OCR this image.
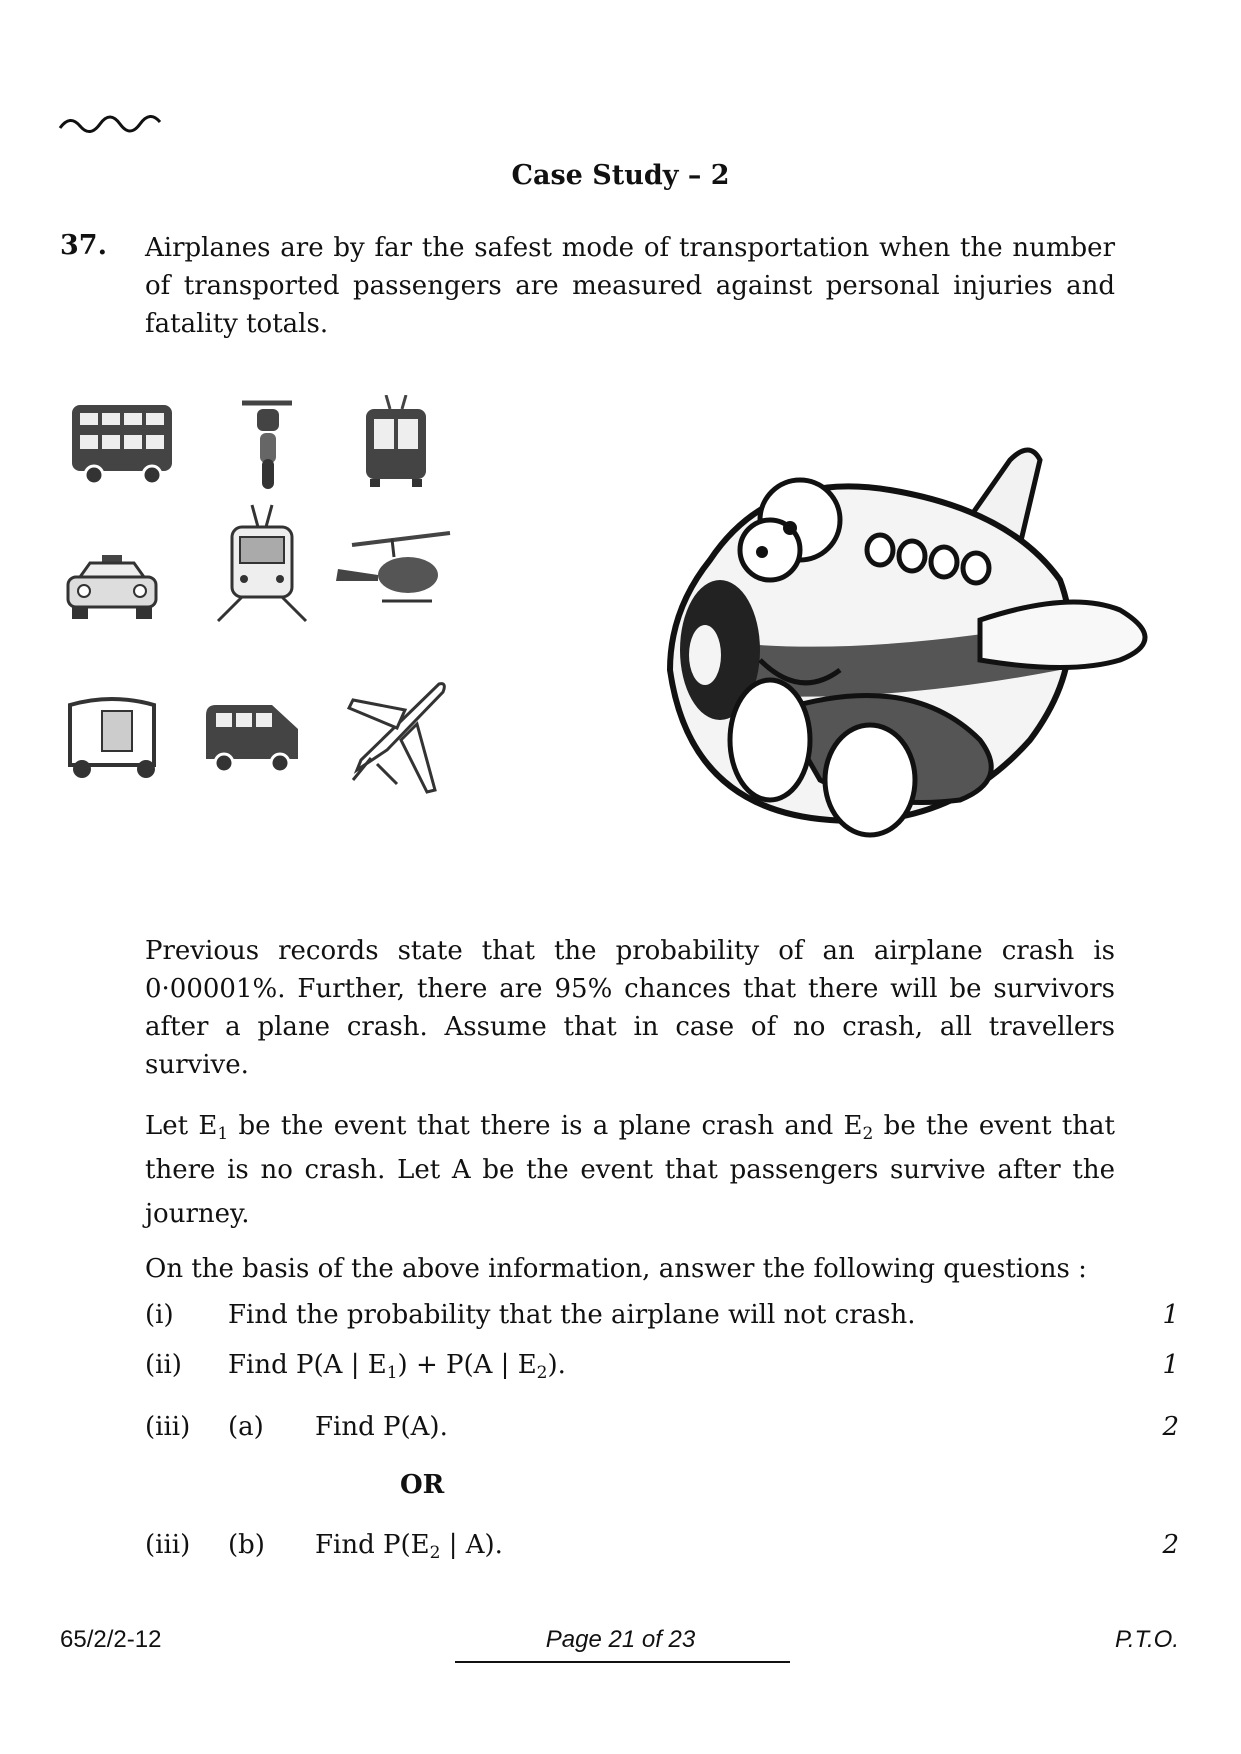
Case Study – 2
37. Airplanes are by far the safest mode of transportation when the number of transported passengers are measured against personal injuries and fatality totals.
Previous records state that the probability of an airplane crash is 0·00001%. Further, there are 95% chances that there will be survivors after a plane crash. Assume that in case of no crash, all travellers survive.
Let $E_1$ be the event that there is a plane crash and $E_2$ be the event that there is no crash. Let A be the event that passengers survive after the journey.
On the basis of the above information, answer the following questions :
(i) Find the probability that the airplane will not crash.	1
(ii) Find P(A | $E_1) + P(A$ | $E_2$).	1
(iii) (a) Find P(A).	2
OR
(iii) (b) Find $P(E_2$ | A).	2
65/2/2-12	Page 21 of 23	P.T.O.
